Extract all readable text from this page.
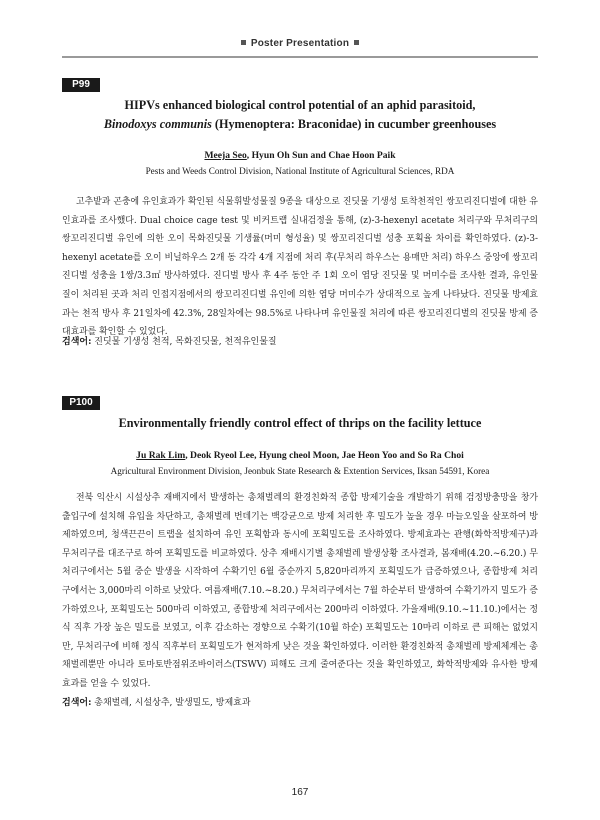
Poster Presentation
P99
HIPVs enhanced biological control potential of an aphid parasitoid,
Binodoxys communis (Hymenoptera: Braconidae) in cucumber greenhouses
Meeja Seo, Hyun Oh Sun and Chae Hoon Paik
Pests and Weeds Control Division, National Institute of Agricultural Sciences, RDA

고추밭과 곤충에 유인효과가 확인된 식물휘발성물질 9종을 대상으로 진딧물 기생성 토착천적인 쌍꼬리진디벌에 대한 유인효과를 조사했다. Dual choice cage test 및 비커트랩 실내검정을 통해, (z)-3-hexenyl acetate 처리구와 무처리구의 쌍꼬리진디벌 유인에 의한 오이 목화진딧물 기생률(머미 형성율) 및 쌍꼬리진디벌 성충 포획율 차이를 확인하였다. (z)-3-hexenyl acetate를 오이 비닐하우스 2개 동 각각 4개 지점에 처리 후(무처리 하우스는 용매만 처리) 하우스 중앙에 쌍꼬리진디벌 성충을 1쌍/3.3㎡ 방사하였다. 진디벌 방사 후 4주 동안 주 1회 오이 엽당 진딧물 및 머미수를 조사한 결과, 유인물질이 처리된 곳과 처리 인접지점에서의 쌍꼬리진디벌 유인에 의한 엽당 머미수가 상대적으로 높게 나타났다. 진딧물 방제효과는 천적 방사 후 21일차에 42.3%, 28일차에는 98.5%로 나타나며 유인물질 처리에 따른 쌍꼬리진디벌의 진딧물 방제 증대효과를 확인할 수 있었다.

검색어: 진딧물 기생성 천적, 목화진딧물, 천적유인물질
P100
Environmentally friendly control effect of thrips on the facility lettuce
Ju Rak Lim, Deok Ryeol Lee, Hyung cheol Moon, Jae Heon Yoo and So Ra Choi
Agricultural Environment Division, Jeonbuk State Research & Extention Services, Iksan 54591, Korea

전북 익산시 시설상추 재배지에서 발생하는 총채벌레의 환경친화적 종합 방제기술을 개발하기 위해 검정방충망을 창가 출입구에 설치해 유입을 차단하고, 총채벌레 번데기는 백강균으로 방제 처리한 후 밀도가 높을 경우 마늘오일을 살포하여 방제하였으며, 청색끈끈이 트랩을 설치하여 유인 포획함과 동시에 포획밀도를 조사하였다. 방제효과는 관행(화학적방제구)과 무처리구를 대조구로 하여 포획밀도를 비교하였다. 상추 재배시기별 총채벌레 발생상황 조사결과, 봄재배(4.20.~6.20.) 무처리구에서는 5월 중순 발생을 시작하여 수확기인 6월 중순까지 5,820마리까지 포획밀도가 급증하였으나, 종합방제 처리구에서는 3,000마리 이하로 낮았다. 여름재배(7.10.~8.20.) 무처리구에서는 7월 하순부터 발생하여 수확기까지 밀도가 증가하였으나, 포획밀도는 500마리 이하였고, 종합방제 처리구에서는 200마리 이하였다. 가을재배(9.10.~11.10.)에서는 정식 직후 가장 높은 밀도를 보였고, 이후 감소하는 경향으로 수확기(10월 하순) 포획밀도는 10마리 이하로 큰 피해는 없었지만, 무처리구에 비해 정식 직후부터 포획밀도가 현저하게 낮은 것을 확인하였다. 이러한 환경친화적 총채벌레 방제체계는 총채벌레뿐만 아니라 토마토반점위조바이러스(TSWV) 피해도 크게 줄여준다는 것을 확인하였고, 화학적방제와 유사한 방제효과를 얻을 수 있었다.

검색어: 총채벌레, 시설상추, 발생밀도, 방제효과
167
